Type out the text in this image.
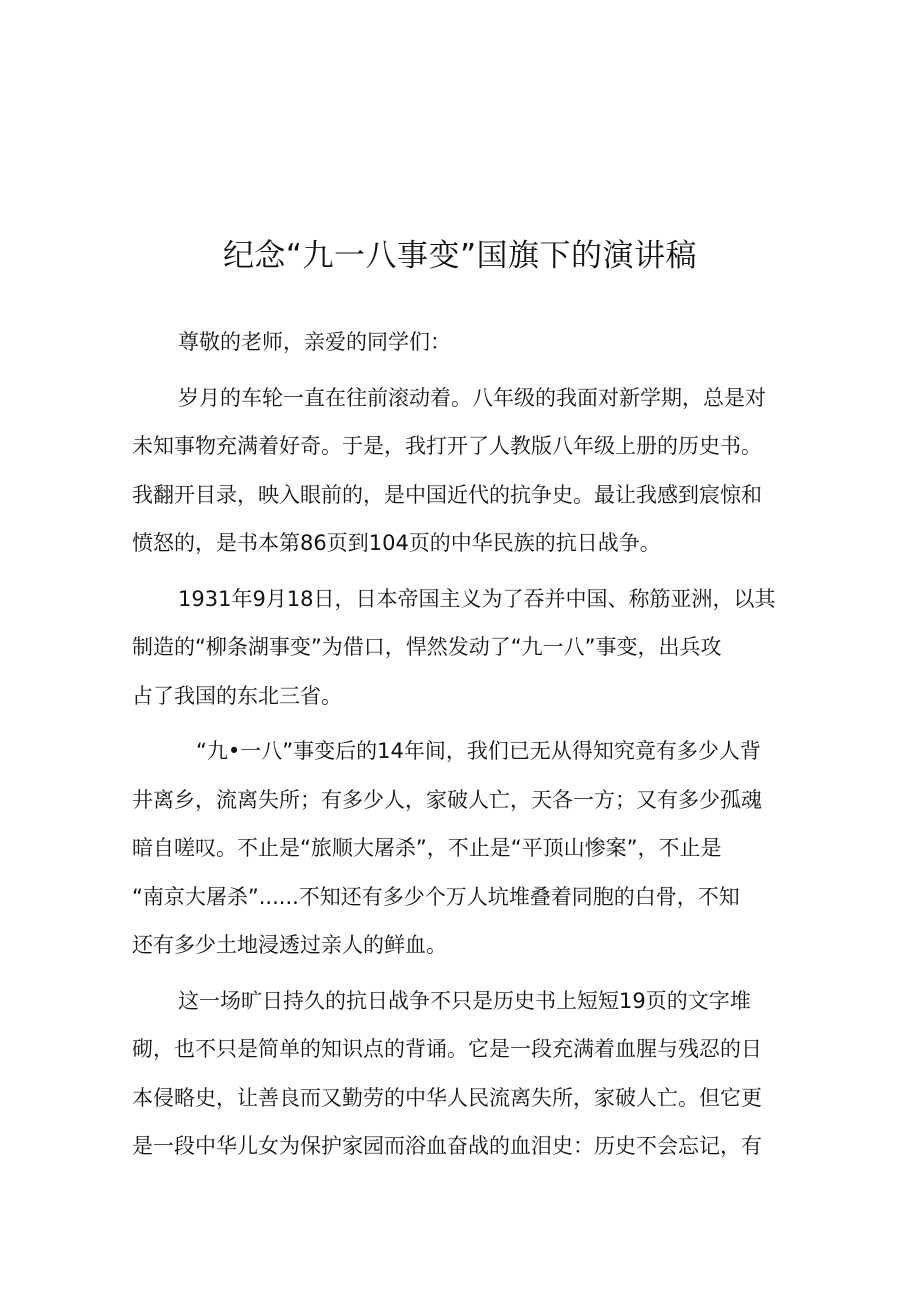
纪念“九一八事变”国旗下的演讲稿

尊敬的老师，亲爱的同学们：

岁月的车轮一直在往前滚动着。八年级的我面对新学期，总是对
未知事物充满着好奇。于是，我打开了人教版八年级上册的历史书。
我翻开目录，映入眼前的，是中国近代的抗争史。最让我感到宸惊和
愤怒的，是书本第86页到104页的中华民族的抗日战争。

1931年9月18日，日本帝国主义为了吞并中国、称筋亚洲，以其
制造的“柳条湖事变”为借口，悍然发动了“九一八”事变，出兵攻
占了我国的东北三省。

“九•一八”事变后的14年间，我们已无从得知究竟有多少人背
井离乡，流离失所；有多少人，家破人亡，天各一方；又有多少孤魂
暗自嗟叹。不止是“旅顺大屠杀”，不止是“平顶山惨案”，不止是
“南京大屠杀”......不知还有多少个万人坑堆叠着同胞的白骨，不知
还有多少土地浸透过亲人的鲜血。

这一场旷日持久的抗日战争不只是历史书上短短19页的文字堆
砌，也不只是简单的知识点的背诵。它是一段充满着血腥与残忍的日
本侵略史，让善良而又勤劳的中华人民流离失所，家破人亡。但它更
是一段中华儿女为保护家园而浴血奋战的血泪史：历史不会忘记，有
